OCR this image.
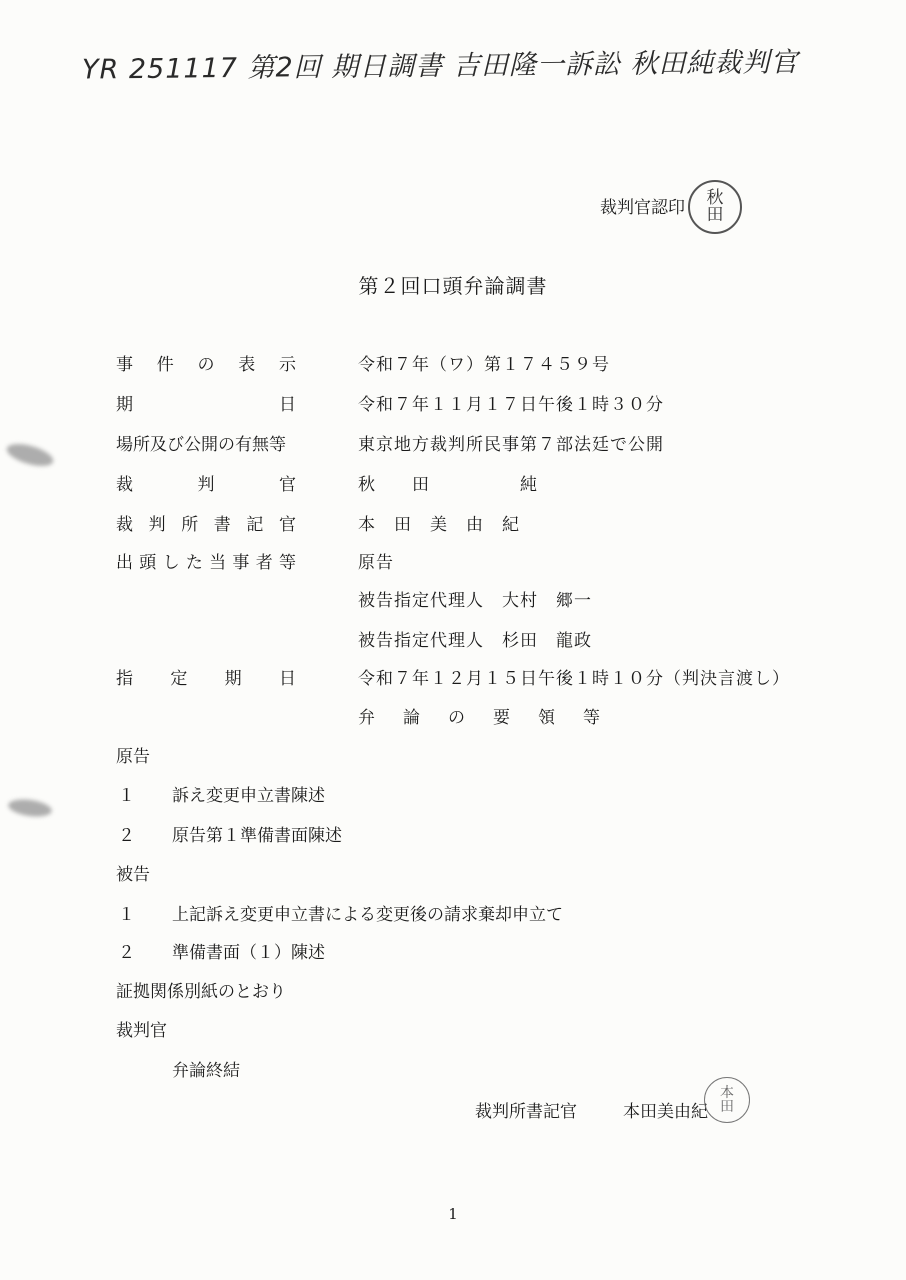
YR 251117 第2回 期日調書 吉田隆一訴訟 秋田純裁判官
裁判官認印 秋
田
第２回口頭弁論調書
事 件 の 表 示	令和７年（ワ）第１７４５９号
期	日	令和７年１１月１７日午後１時３０分
場所及び公開の有無等	東京地方裁判所民事第７部法廷で公開
裁	判	官	秋　　田　　　　　純
裁 判 所 書 記 官	本　田　美　由　紀
出 頭 し た 当 事 者 等	原告
被告指定代理人　大村　郷一
被告指定代理人　杉田　龍政
指 定 期 日	令和７年１２月１５日午後１時１０分（判決言渡し）
弁 論 の 要 領 等
原告
１ 訴え変更申立書陳述
２ 原告第１準備書面陳述
被告
１ 上記訴え変更申立書による変更後の請求棄却申立て
２ 準備書面（１）陳述
証拠関係別紙のとおり
裁判官
弁論終結
裁判所書記官	本田美由紀
本
田
1
